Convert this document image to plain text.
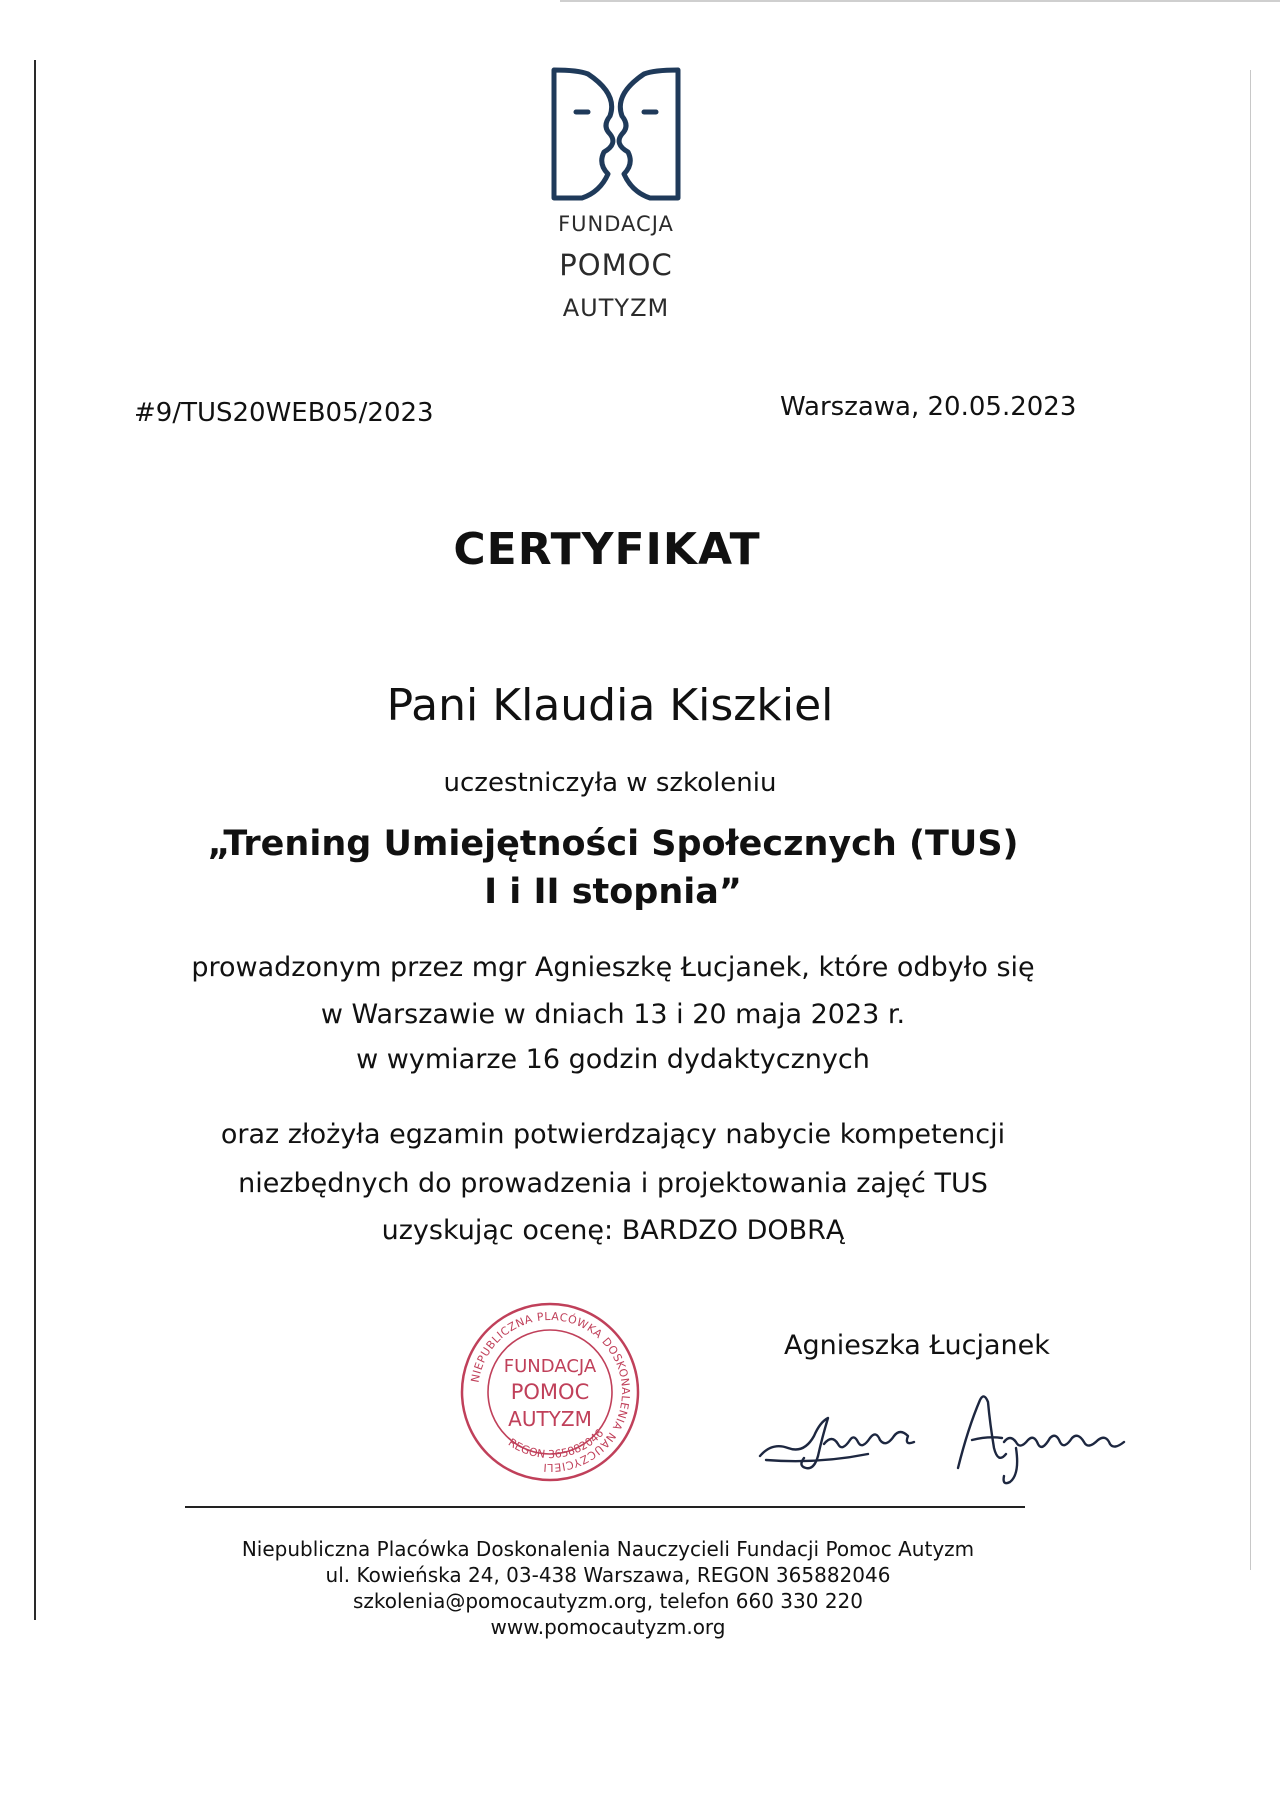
FUNDACJA
POMOC
AUTYZM
#9/TUS20WEB05/2023	Warszawa, 20.05.2023
CERTYFIKAT
Pani Klaudia Kiszkiel
uczestniczyła w szkoleniu
„Trening Umiejętności Społecznych (TUS)
I i II stopnia”
prowadzonym przez mgr Agnieszkę Łucjanek, które odbyło się
w Warszawie w dniach 13 i 20 maja 2023 r.
w wymiarze 16 godzin dydaktycznych
oraz złożyła egzamin potwierdzający nabycie kompetencji
niezbędnych do prowadzenia i projektowania zajęć TUS
uzyskując ocenę: BARDZO DOBRĄ
NIEPUBLICZNA PLACÓWKA DOSKONALENIA NAUCZYCIELI
REGON 365882046
FUNDACJA
POMOC
AUTYZM
Agnieszka Łucjanek
Niepubliczna Placówka Doskonalenia Nauczycieli Fundacji Pomoc Autyzm
ul. Kowieńska 24, 03-438 Warszawa, REGON 365882046
szkolenia@pomocautyzm.org, telefon 660 330 220
www.pomocautyzm.org
